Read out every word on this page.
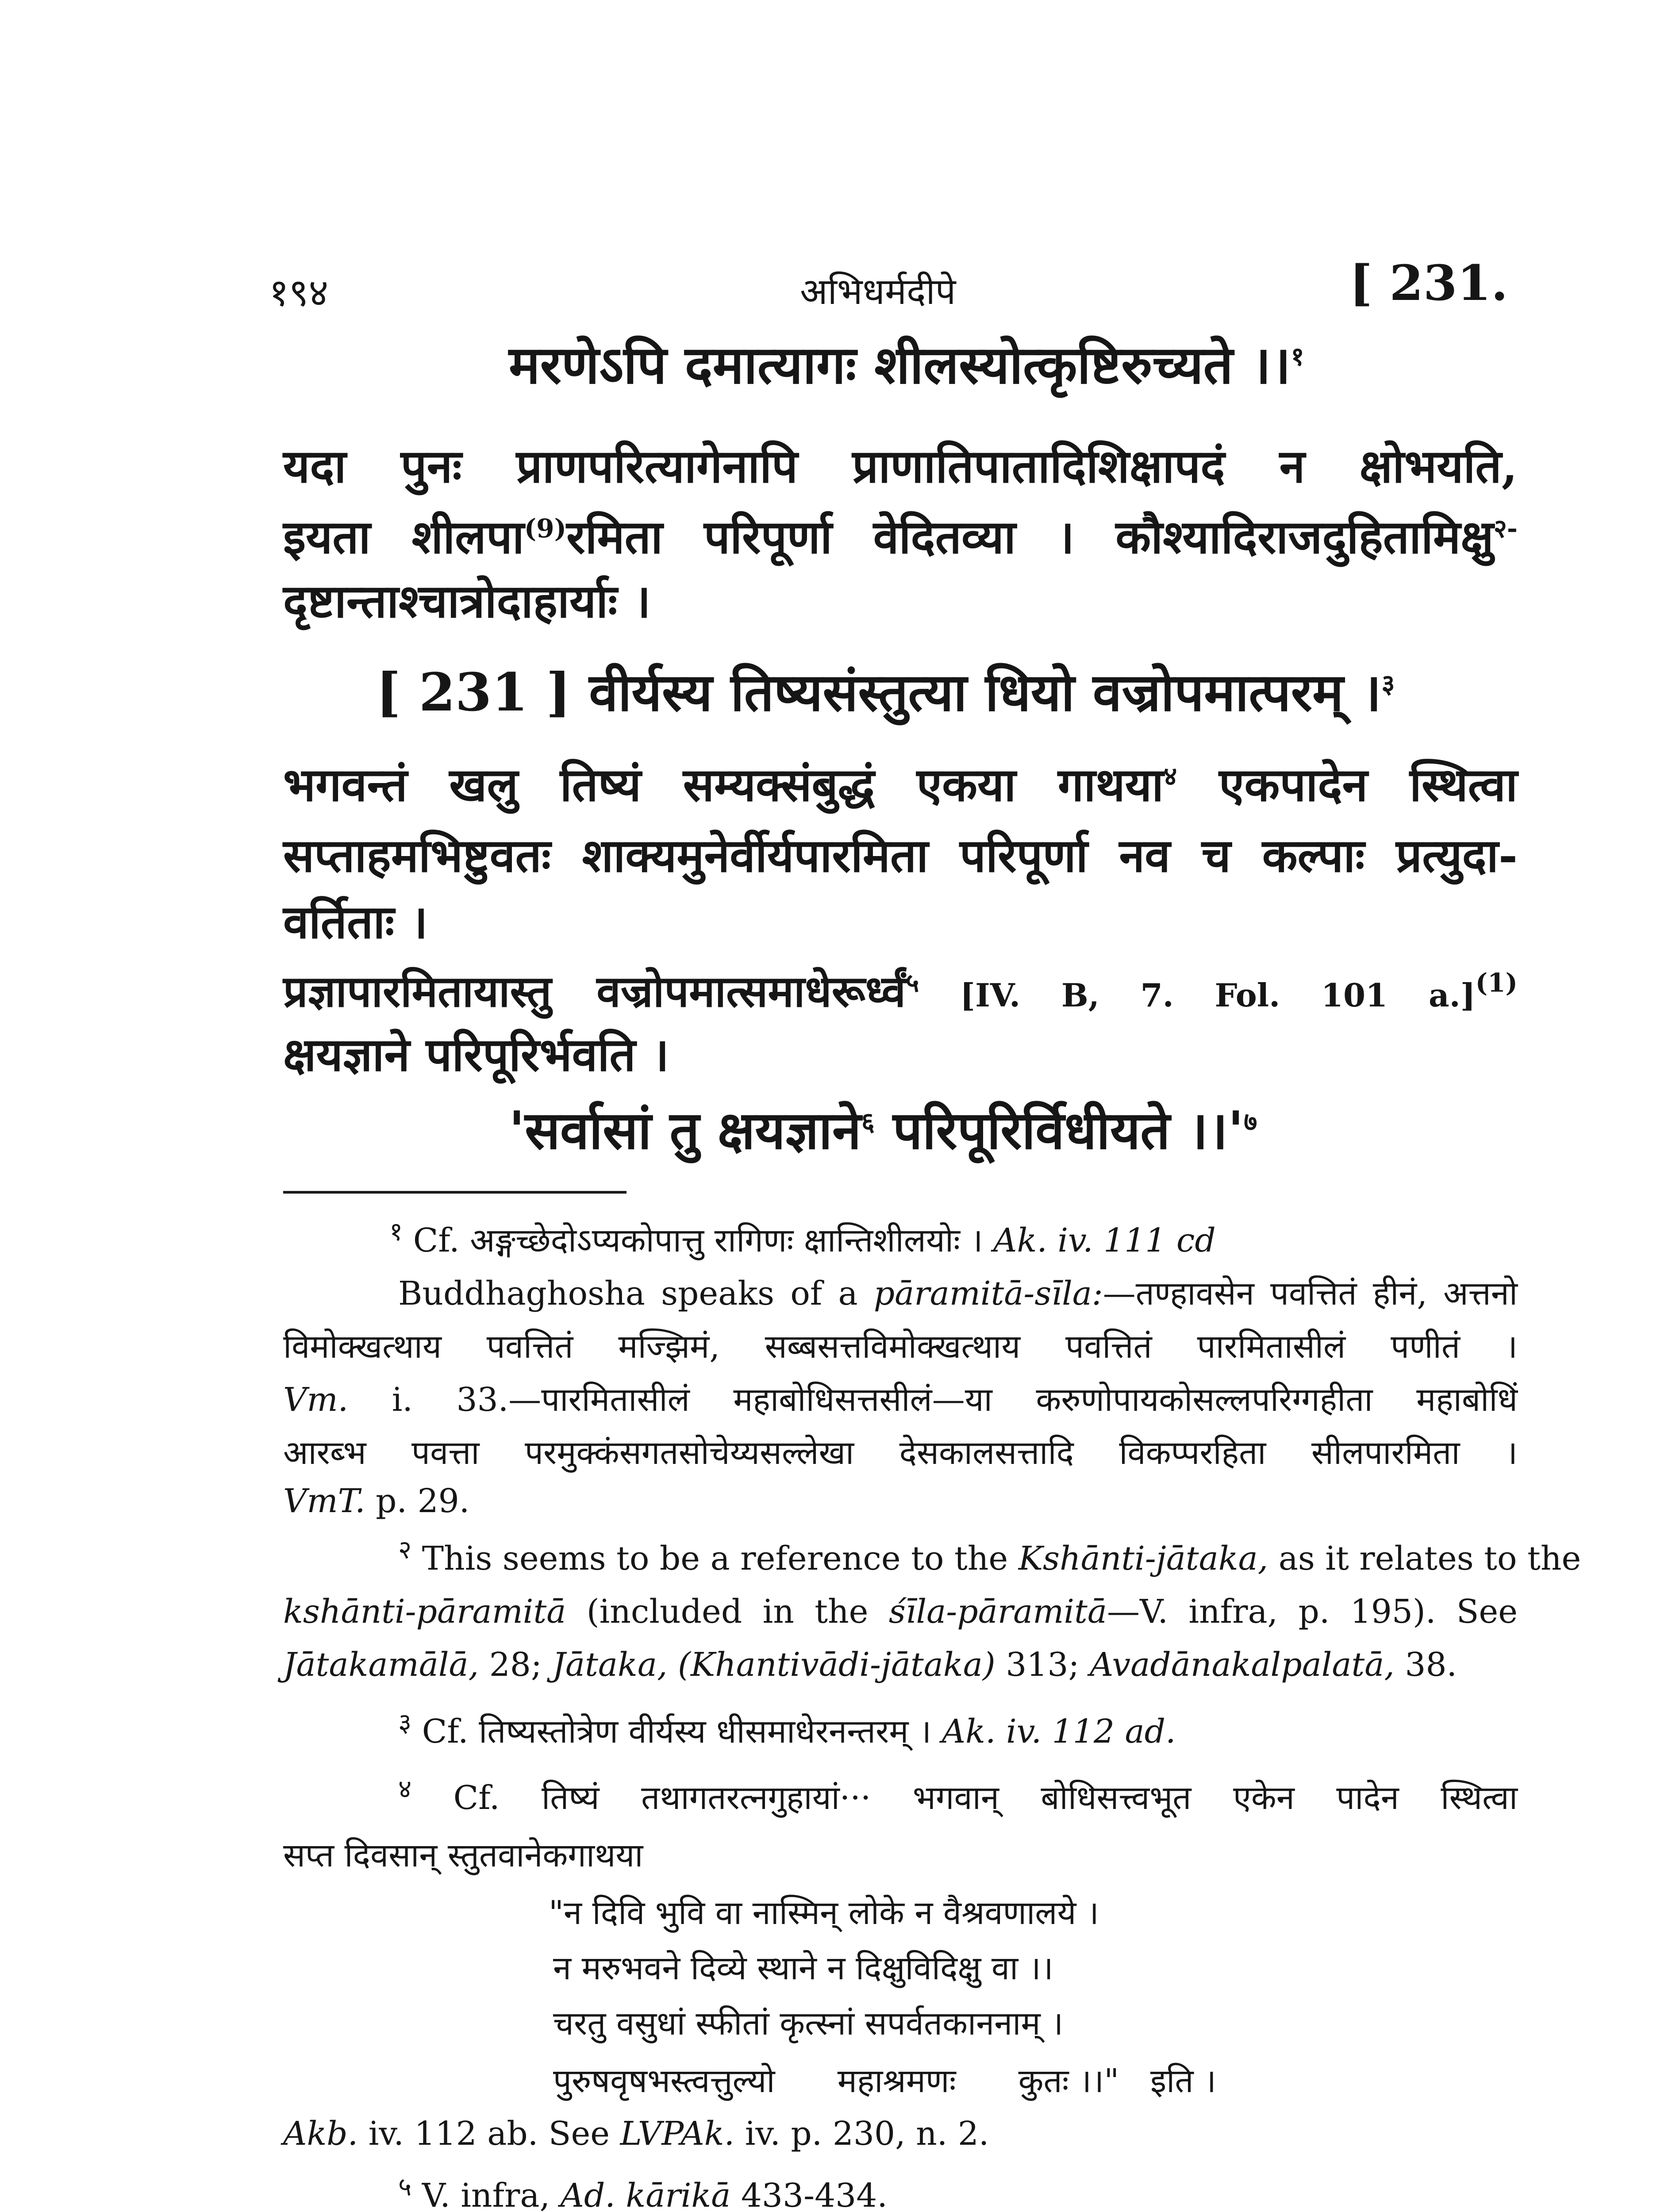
१९४	अभिधर्मदीपे	[ 231.
मरणेऽपि दमात्यागः शीलस्योत्कृष्टिरुच्यते ।।$^१$
यदा पुनः प्राणपरित्यागेनापि प्राणातिपातादिशिक्षापदं न क्षोभयति,
इयता शीलपा$^{(9)}$रमिता परिपूर्णा वेदितव्या । कौश्यादिराजदुहितामिक्षु$^{२-}$
दृष्टान्ताश्चात्रोदाहार्याः ।
[ 231 ] वीर्यस्य तिष्यसंस्तुत्या धियो वज्रोपमात्परम् ।$^३$
भगवन्तं खलु तिष्यं सम्यक्संबुद्धं एकया गाथया$^४$ एकपादेन स्थित्वा
सप्ताहमभिष्टुवतः शाक्यमुनेर्वीर्यपारमिता परिपूर्णा नव च कल्पाः प्रत्युदा-
वर्तिताः ।
प्रज्ञापारमितायास्तु वज्रोपमात्समाधेरूर्ध्वं$^५$ [IV. B, 7. Fol. 101 a.]$^{(1)}$
क्षयज्ञाने परिपूरिर्भवति ।
'सर्वासां तु क्षयज्ञाने$^६$ परिपूरिर्विधीयते $।।'^७$
$^१$ Cf. अङ्गच्छेदोऽप्यकोपात्तु रागिणः क्षान्तिशीलयोः । Ak. iv. 111 cd
Buddhaghosha speaks of a pāramitā-sīla:—तण्हावसेन पवत्तितं हीनं, अत्तनो
विमोक्खत्थाय पवत्तितं मज्झिमं, सब्बसत्तविमोक्खत्थाय पवत्तितं पारमितासीलं पणीतं ।
Vm. i. 33.—पारमितासीलं महाबोधिसत्तसीलं—या करुणोपायकोसल्लपरिग्गहीता महाबोधिं
आरब्भ पवत्ता परमुक्कंसगतसोचेय्यसल्लेखा देसकालसत्तादि विकप्परहिता सीलपारमिता ।
VmT. p. 29.
$^२$ This seems to be a reference to the Kshānti-jātaka, as it relates to the
kshānti-pāramitā (included in the śīla-pāramitā—V. infra, p. 195). See
Jātakamālā, 28; Jātaka, (Khantivādi-jātaka) 313; Avadānakalpalatā, 38.
$^३$ Cf. तिष्यस्तोत्रेण वीर्यस्य धीसमाधेरनन्तरम् । Ak. iv. 112 ad.
$^४$ Cf. तिष्यं तथागतरत्नगुहायां··· भगवान् बोधिसत्त्वभूत एकेन पादेन स्थित्वा
सप्त दिवसान् स्तुतवानेकगाथया
"न दिवि भुवि वा नास्मिन् लोके न वैश्रवणालये ।
न मरुभवने दिव्ये स्थाने न दिक्षुविदिक्षु वा ।।
चरतु वसुधां स्फीतां कृत्स्नां सपर्वतकाननाम् ।
पुरुषवृषभस्त्वत्तुल्यो      महाश्रमणः      कुतः ।।"   इति ।
Akb. iv. 112 ab. See LVPAk. iv. p. 230, n. 2.
$^५$ V. infra, Ad. kārikā 433-434.
